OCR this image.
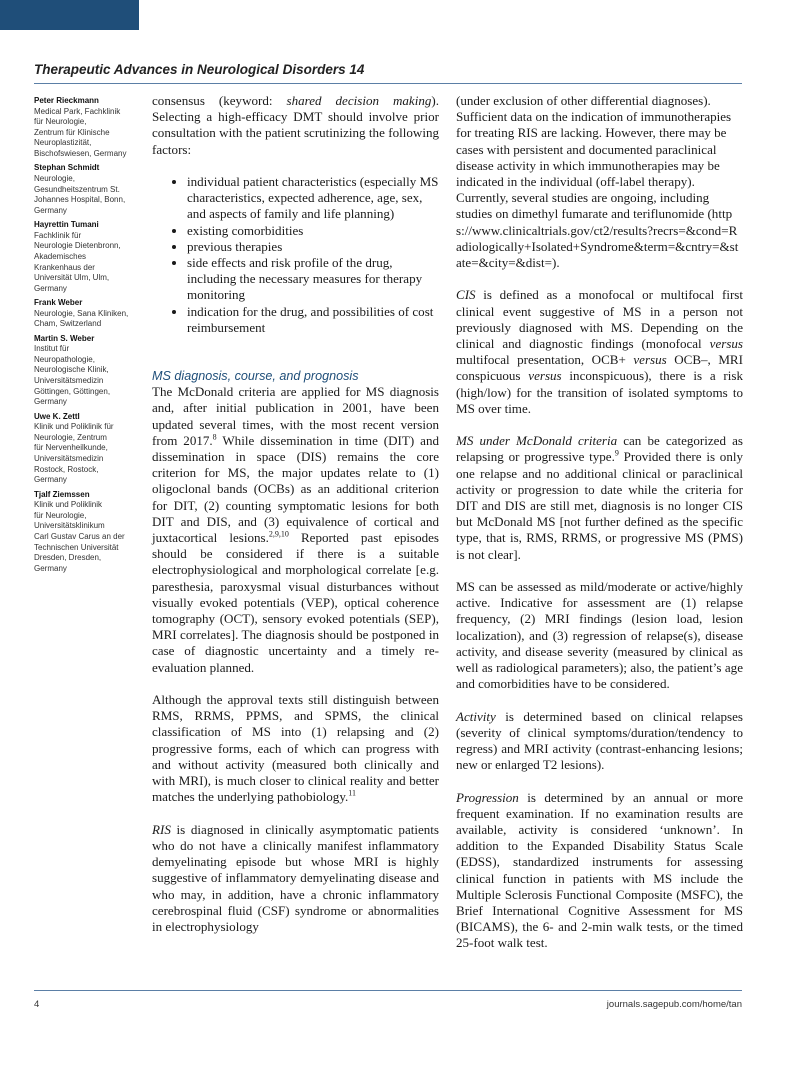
Therapeutic Advances in Neurological Disorders 14
Peter Rieckmann
Medical Park, Fachklinik
für Neurologie,
Zentrum für Klinische
Neuroplastizität,
Bischofswiesen, Germany
Stephan Schmidt
Neurologie,
Gesundheitszentrum St.
Johannes Hospital, Bonn,
Germany
Hayrettin Tumani
Fachklinik für
Neurologie Dietenbronn,
Akademisches
Krankenhaus der
Universität Ulm, Ulm,
Germany
Frank Weber
Neurologie, Sana Kliniken,
Cham, Switzerland
Martin S. Weber
Institut für
Neuropathologie,
Neurologische Klinik,
Universitätsmedizin
Göttingen, Göttingen,
Germany
Uwe K. Zettl
Klinik und Poliklinik für
Neurologie, Zentrum
für Nervenheilkunde,
Universitätsmedizin
Rostock, Rostock,
Germany
Tjalf Ziemssen
Klinik und Poliklinik
für Neurologie,
Universitätsklinikum
Carl Gustav Carus an der
Technischen Universität
Dresden, Dresden,
Germany

consensus (keyword: shared decision making). Selecting a high-efficacy DMT should involve prior consultation with the patient scrutinizing the following factors:

• individual patient characteristics (especially MS characteristics, expected adherence, age, sex, and aspects of family and life planning)
• existing comorbidities
• previous therapies
• side effects and risk profile of the drug, including the necessary measures for therapy monitoring
• indication for the drug, and possibilities of cost reimbursement
MS diagnosis, course, and prognosis

The McDonald criteria are applied for MS diagnosis and, after initial publication in 2001, have been updated several times, with the most recent version from 2017.$^8$ While dissemination in time (DIT) and dissemination in space (DIS) remains the core criterion for MS, the major updates relate to (1) oligoclonal bands (OCBs) as an additional criterion for DIT, (2) counting symptomatic lesions for both DIT and DIS, and (3) equivalence of cortical and juxtacortical lesions.$^{2,9,10}$ Reported past episodes should be considered if there is a suitable electrophysiological and morphological correlate [e.g. paresthesia, paroxysmal visual disturbances without visually evoked potentials (VEP), optical coherence tomography (OCT), sensory evoked potentials (SEP), MRI correlates]. The diagnosis should be postponed in case of diagnostic uncertainty and a timely re-evaluation planned.

Although the approval texts still distinguish between RMS, RRMS, PPMS, and SPMS, the clinical classification of MS into (1) relapsing and (2) progressive forms, each of which can progress with and without activity (measured both clinically and with MRI), is much closer to clinical reality and better matches the underlying pathobiology.$^{11}$

RIS is diagnosed in clinically asymptomatic patients who do not have a clinically manifest inflammatory demyelinating episode but whose MRI is highly suggestive of inflammatory demyelinating disease and who may, in addition, have a chronic inflammatory cerebrospinal fluid (CSF) syndrome or abnormalities in electrophysiology

(under exclusion of other differential diagnoses). Sufficient data on the indication of immunotherapies for treating RIS are lacking. However, there may be cases with persistent and documented paraclinical disease activity in which immunotherapies may be indicated in the individual (off-label therapy). Currently, several studies are ongoing, including studies on dimethyl fumarate and teriflunomide (https://www.clinicaltrials.gov/ct2/results?recrs=&cond=Radiologically+Isolated+Syndrome&term=&cntry=&state=&city=&dist=).

CIS is defined as a monofocal or multifocal first clinical event suggestive of MS in a person not previously diagnosed with MS. Depending on the clinical and diagnostic findings (monofocal versus multifocal presentation, OCB+ versus OCB–, MRI conspicuous versus inconspicuous), there is a risk (high/low) for the transition of isolated symptoms to MS over time.

MS under McDonald criteria can be categorized as relapsing or progressive type.$^9$ Provided there is only one relapse and no additional clinical or paraclinical activity or progression to date while the criteria for DIT and DIS are still met, diagnosis is no longer CIS but McDonald MS [not further defined as the specific type, that is, RMS, RRMS, or progressive MS (PMS) is not clear].

MS can be assessed as mild/moderate or active/highly active. Indicative for assessment are (1) relapse frequency, (2) MRI findings (lesion load, lesion localization), and (3) regression of relapse(s), disease activity, and disease severity (measured by clinical as well as radiological parameters); also, the patient’s age and comorbidities have to be considered.

Activity is determined based on clinical relapses (severity of clinical symptoms/duration/tendency to regress) and MRI activity (contrast-enhancing lesions; new or enlarged T2 lesions).

Progression is determined by an annual or more frequent examination. If no examination results are available, activity is considered ‘unknown’. In addition to the Expanded Disability Status Scale (EDSS), standardized instruments for assessing clinical function in patients with MS include the Multiple Sclerosis Functional Composite (MSFC), the Brief International Cognitive Assessment for MS (BICAMS), the 6- and 2-min walk tests, or the timed 25-foot walk test.

4	journals.sagepub.com/home/tan
